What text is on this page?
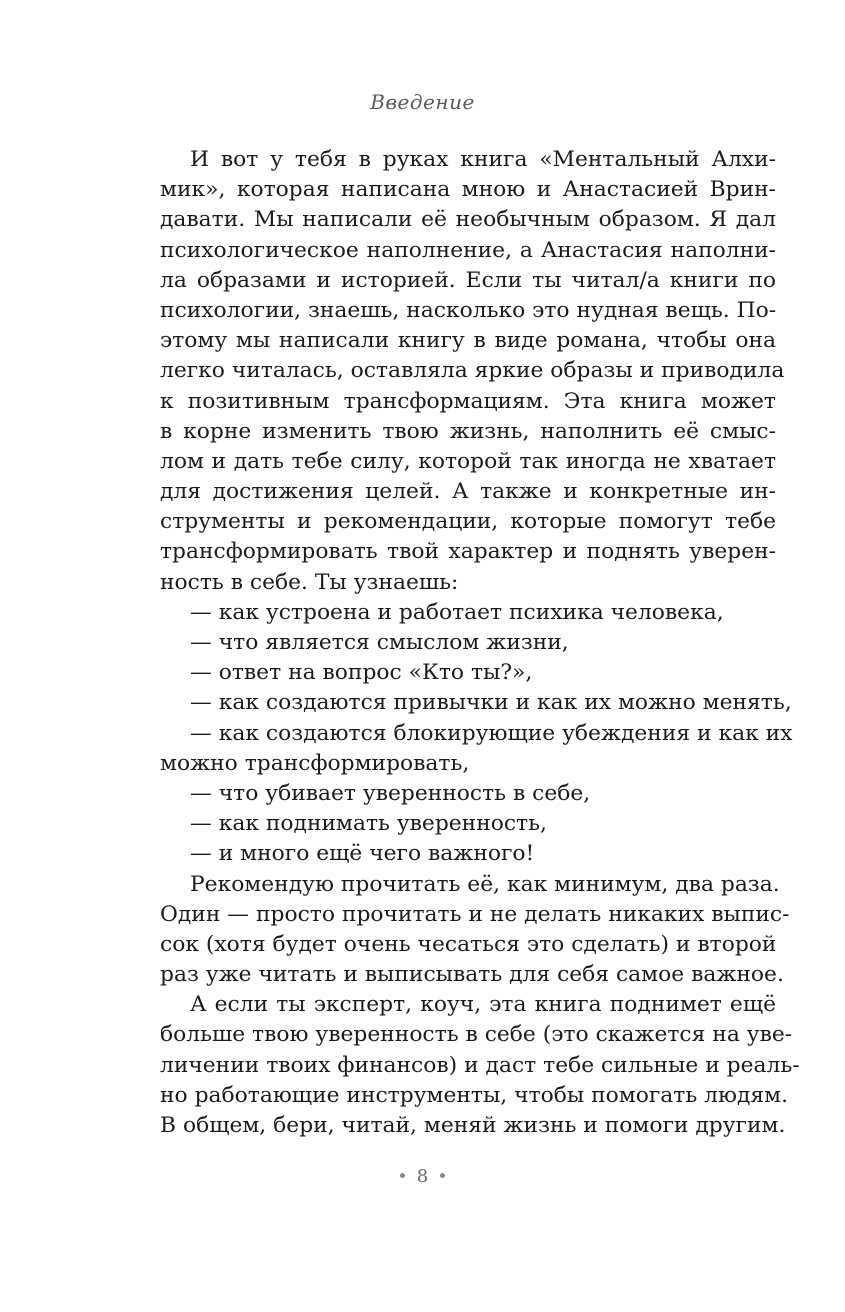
Введение
И вот у тебя в руках книга «Ментальный Алхи-
мик», которая написана мною и Анастасией Врин-
давати. Мы написали её необычным образом. Я дал
психологическое наполнение, а Анастасия наполни-
ла образами и историей. Если ты читал/а книги по
психологии, знаешь, насколько это нудная вещь. По-
этому мы написали книгу в виде романа, чтобы она
легко читалась, оставляла яркие образы и приводила
к позитивным трансформациям. Эта книга может
в корне изменить твою жизнь, наполнить её смыс-
лом и дать тебе силу, которой так иногда не хватает
для достижения целей. А также и конкретные ин-
струменты и рекомендации, которые помогут тебе
трансформировать твой характер и поднять уверен-
ность в себе. Ты узнаешь:
— как устроена и работает психика человека,
— что является смыслом жизни,
— ответ на вопрос «Кто ты?»,
— как создаются привычки и как их можно менять,
— как создаются блокирующие убеждения и как их
можно трансформировать,
— что убивает уверенность в себе,
— как поднимать уверенность,
— и много ещё чего важного!
Рекомендую прочитать её, как минимум, два раза.
Один — просто прочитать и не делать никаких выпис-
сок (хотя будет очень чесаться это сделать) и второй
раз уже читать и выписывать для себя самое важное.
А если ты эксперт, коуч, эта книга поднимет ещё
больше твою уверенность в себе (это скажется на уве-
личении твоих финансов) и даст тебе сильные и реаль-
но работающие инструменты, чтобы помогать людям.
В общем, бери, читай, меняй жизнь и помоги другим.
8
